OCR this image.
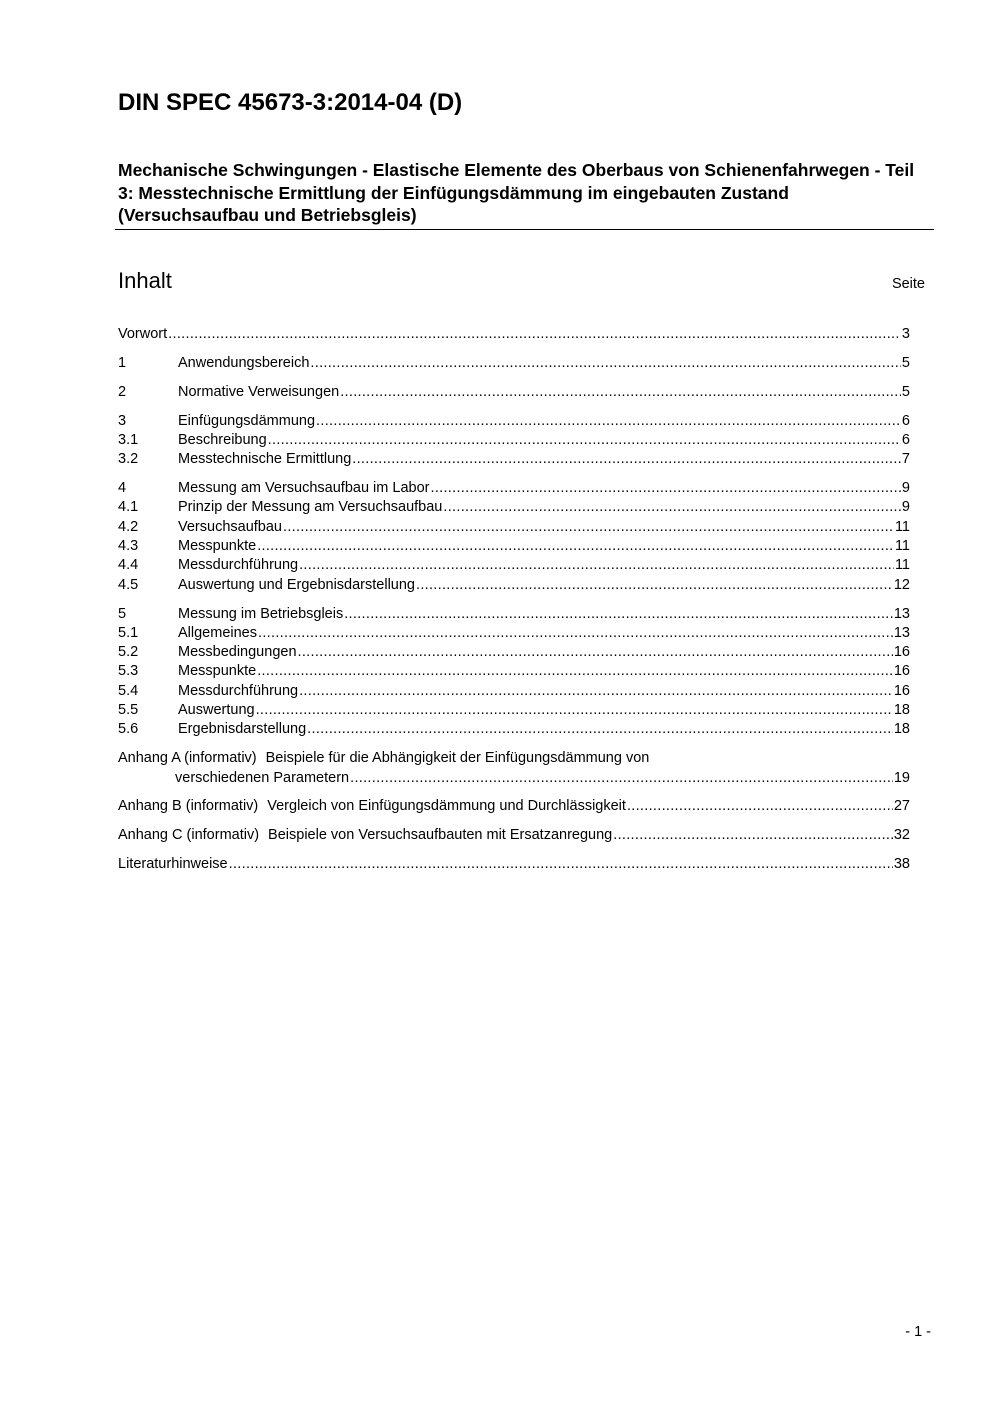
DIN SPEC 45673-3:2014-04 (D)

Mechanische Schwingungen - Elastische Elemente des Oberbaus von Schienenfahrwegen - Teil 3: Messtechnische Ermittlung der Einfügungsdämmung im eingebauten Zustand (Versuchsaufbau und Betriebsgleis)

Inhalt	Seite
Vorwort .....	3
1	Anwendungsbereich .....	5
2	Normative Verweisungen .....	5
3	Einfügungsdämmung .....	6
3.1	Beschreibung .....	6
3.2	Messtechnische Ermittlung .....	7
4	Messung am Versuchsaufbau im Labor .....	9
4.1	Prinzip der Messung am Versuchsaufbau .....	9
4.2	Versuchsaufbau .....	11
4.3	Messpunkte .....	11
4.4	Messdurchführung .....	11
4.5	Auswertung und Ergebnisdarstellung .....	12
5	Messung im Betriebsgleis .....	13
5.1	Allgemeines .....	13
5.2	Messbedingungen .....	16
5.3	Messpunkte .....	16
5.4	Messdurchführung .....	16
5.5	Auswertung .....	18
5.6	Ergebnisdarstellung .....	18
Anhang A (informativ) Beispiele für die Abhängigkeit der Einfügungsdämmung von
verschiedenen Parametern .....	19
Anhang B (informativ) Vergleich von Einfügungsdämmung und Durchlässigkeit .....	27
Anhang C (informativ) Beispiele von Versuchsaufbauten mit Ersatzanregung .....	32
Literaturhinweise .....	38
- 1 -
